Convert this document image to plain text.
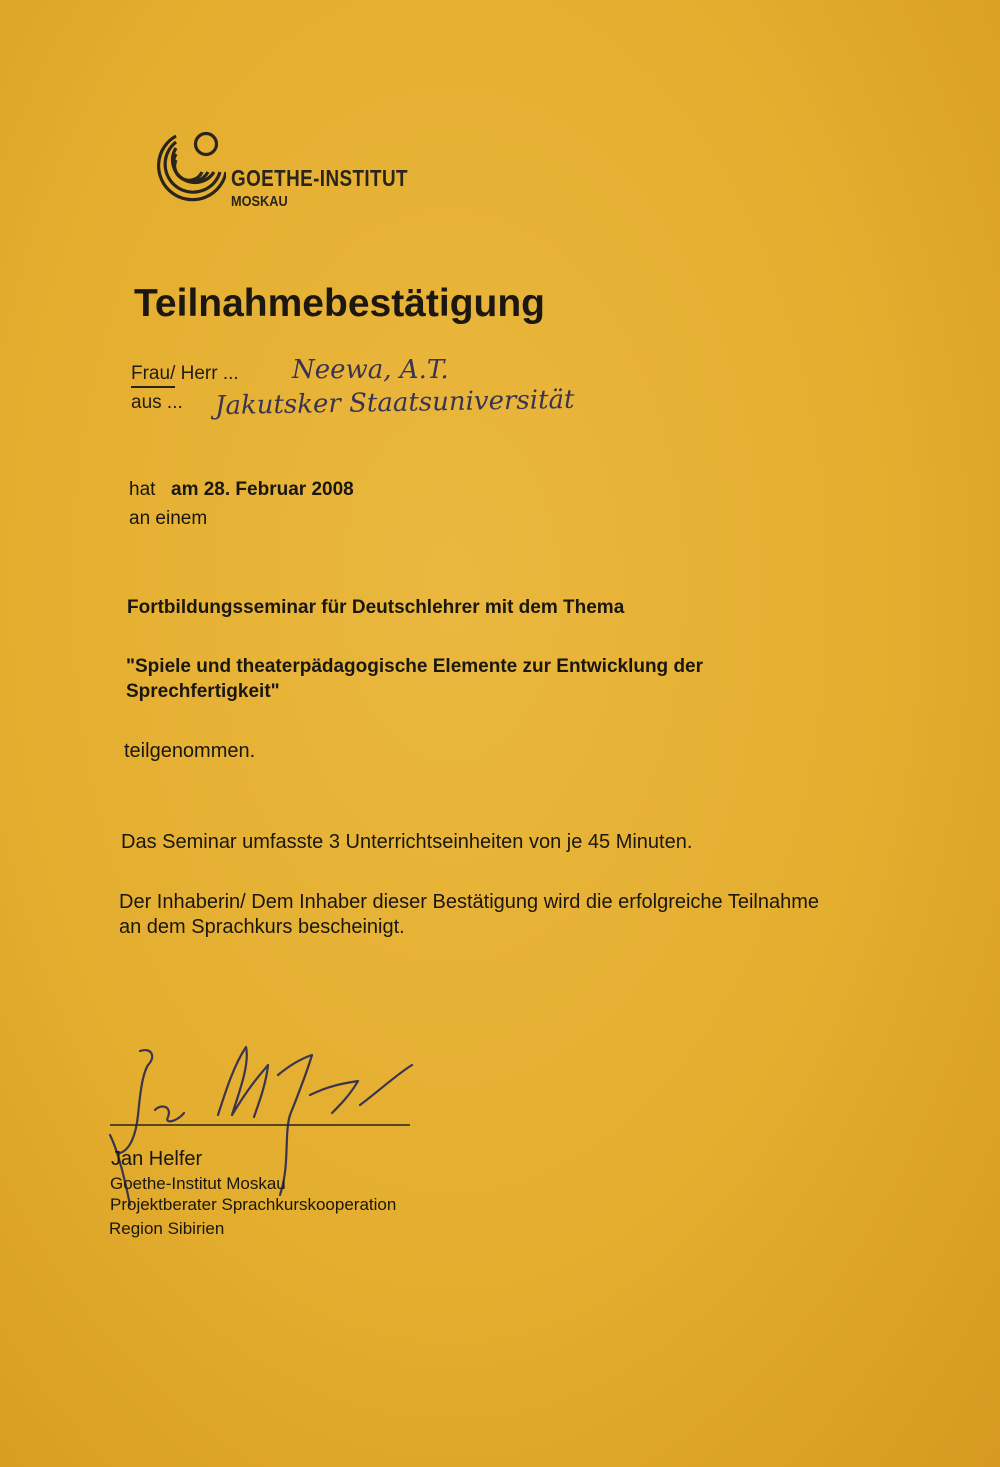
GOETHE-INSTITUT
MOSKAU
Teilnahmebestätigung
Frau/ Herr ... Neewa, A.T.
aus ... Jakutsker Staatsuniversität
hat am 28. Februar 2008
an einem
Fortbildungsseminar für Deutschlehrer mit dem Thema
"Spiele und theaterpädagogische Elemente zur Entwicklung der
Sprechfertigkeit"
teilgenommen.
Das Seminar umfasste 3 Unterrichtseinheiten von je 45 Minuten.
Der Inhaberin/ Dem Inhaber dieser Bestätigung wird die erfolgreiche Teilnahme
an dem Sprachkurs bescheinigt.
Jan Helfer
Goethe-Institut Moskau
Projektberater Sprachkurskooperation
Region Sibirien
